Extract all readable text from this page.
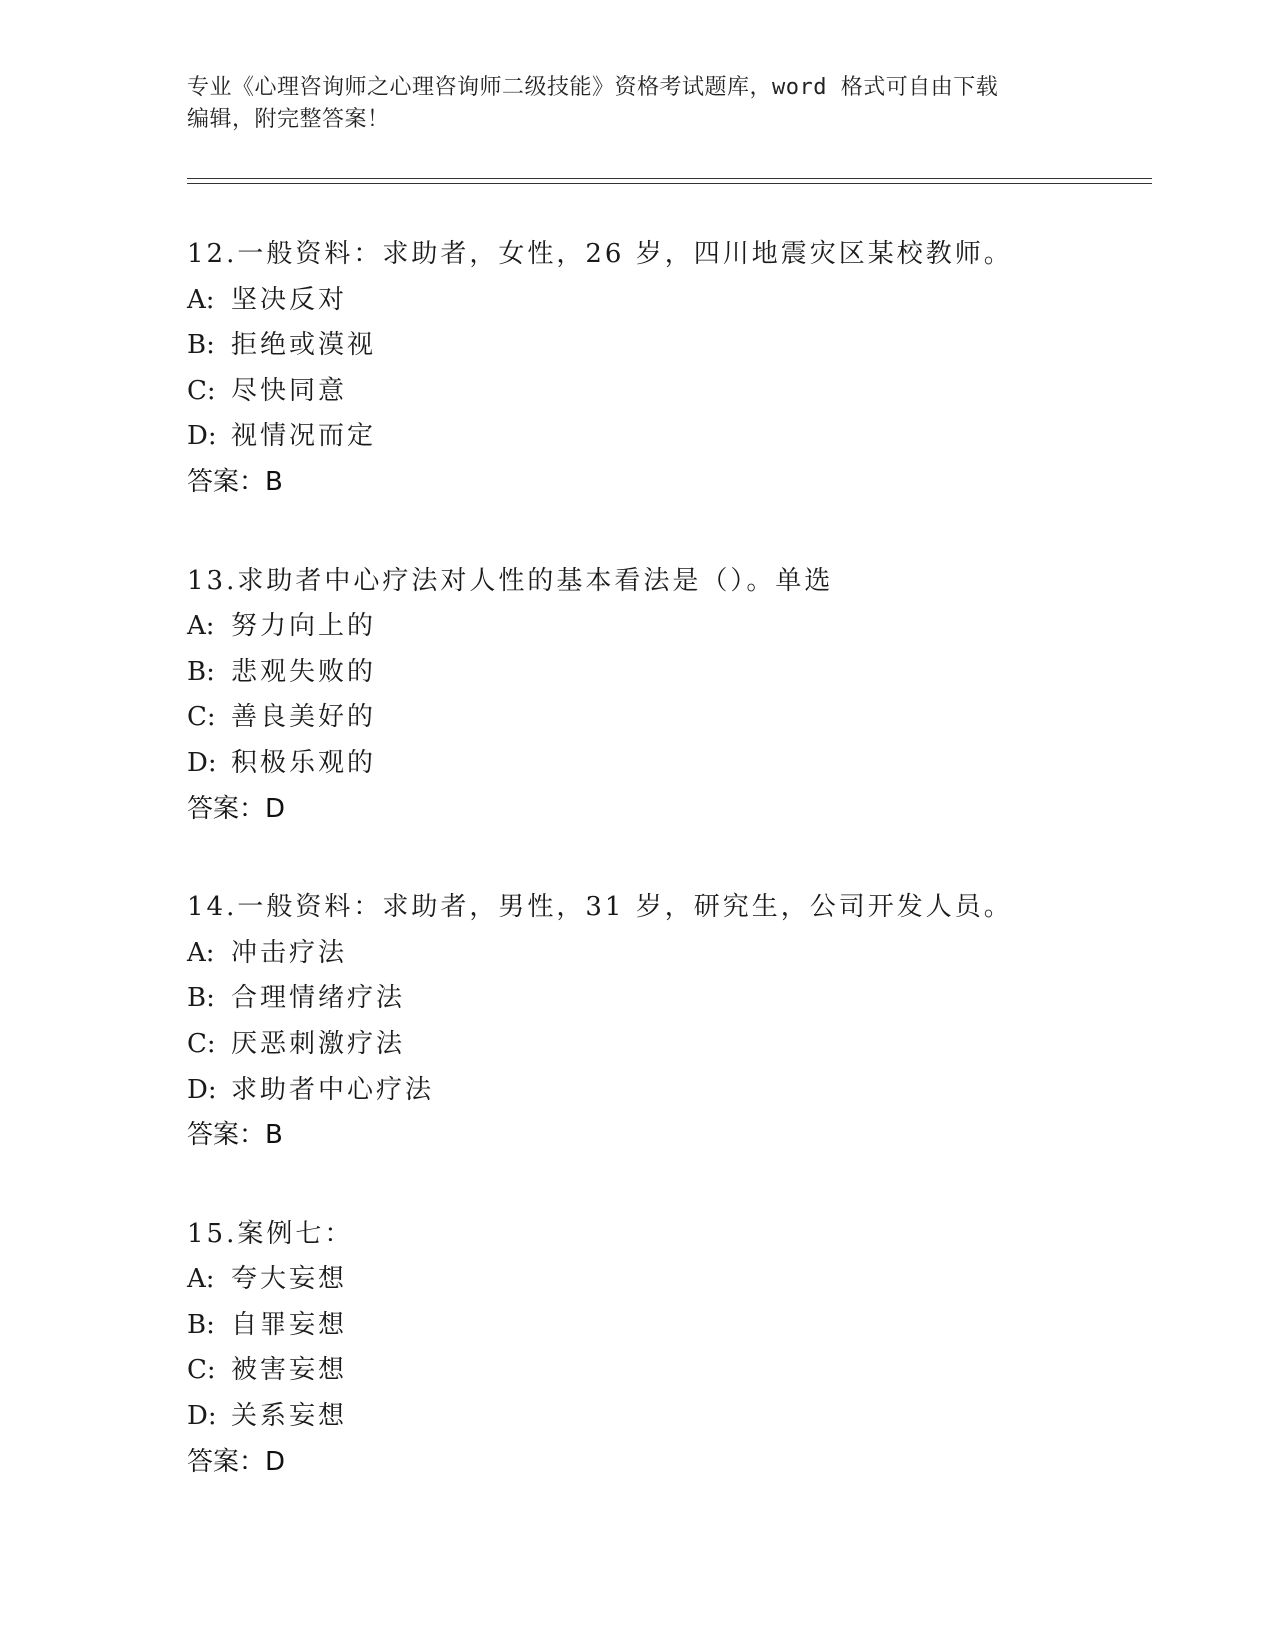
专业《心理咨询师之心理咨询师二级技能》资格考试题库，word 格式可自由下载
编辑，附完整答案！
12.一般资料：求助者，女性，26 岁，四川地震灾区某校教师。
A: 坚决反对
B: 拒绝或漠视
C: 尽快同意
D: 视情况而定
答案：B
13.求助者中心疗法对人性的基本看法是（）。单选
A: 努力向上的
B: 悲观失败的
C: 善良美好的
D: 积极乐观的
答案：D
14.一般资料：求助者，男性，31 岁，研究生，公司开发人员。
A: 冲击疗法
B: 合理情绪疗法
C: 厌恶刺激疗法
D: 求助者中心疗法
答案：B
15.案例七：
A: 夸大妄想
B: 自罪妄想
C: 被害妄想
D: 关系妄想
答案：D
